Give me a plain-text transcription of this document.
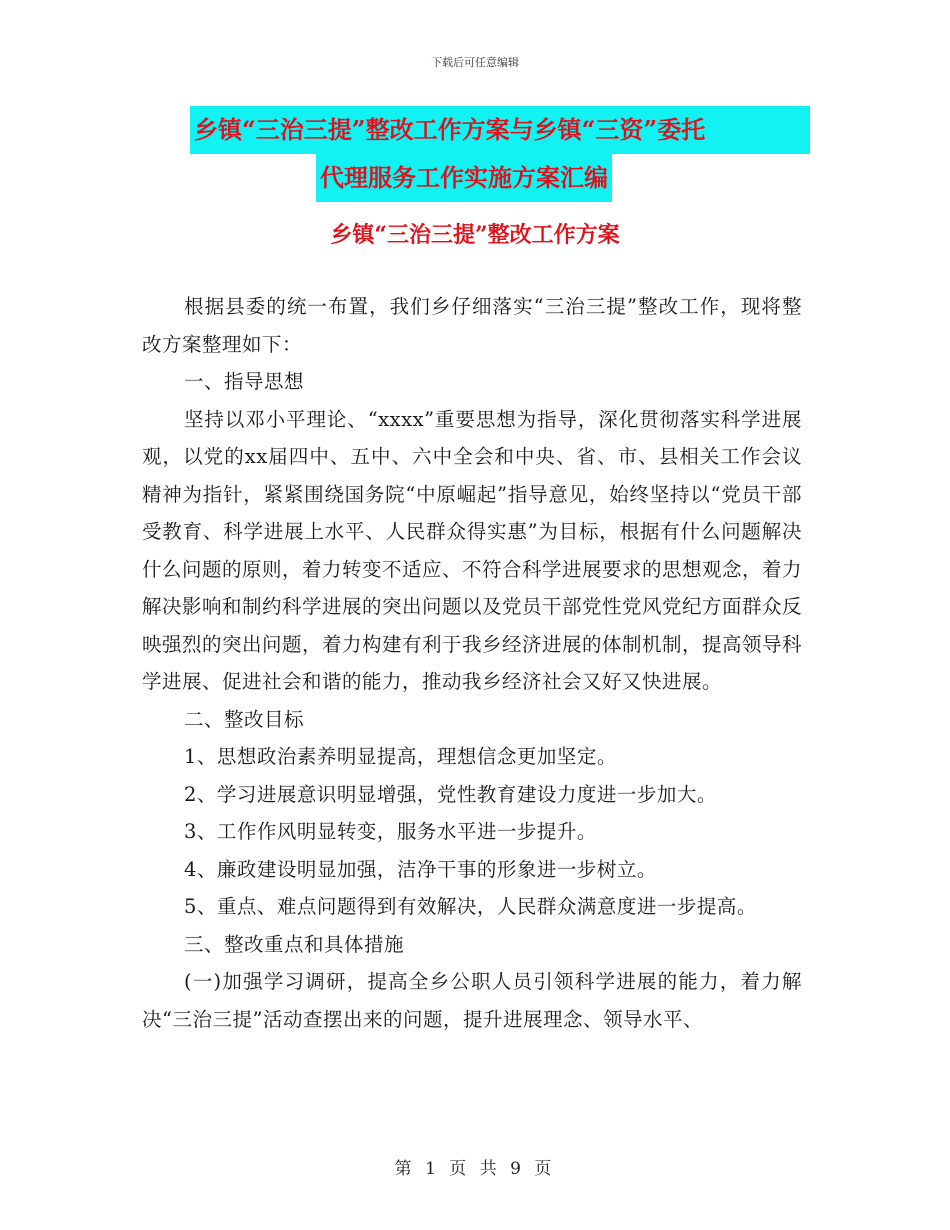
下载后可任意编辑
乡镇“三治三提”整改工作方案与乡镇“三资”委托
代理服务工作实施方案汇编
乡镇“三治三提”整改工作方案

根据县委的统一布置，我们乡仔细落实“三治三提”整改工作，现将整改方案整理如下：

一、指导思想

坚持以邓小平理论、“xxxx”重要思想为指导，深化贯彻落实科学进展观，以党的xx届四中、五中、六中全会和中央、省、市、县相关工作会议精神为指针，紧紧围绕国务院“中原崛起”指导意见，始终坚持以“党员干部受教育、科学进展上水平、人民群众得实惠”为目标，根据有什么问题解决什么问题的原则，着力转变不适应、不符合科学进展要求的思想观念，着力解决影响和制约科学进展的突出问题以及党员干部党性党风党纪方面群众反映强烈的突出问题，着力构建有利于我乡经济进展的体制机制，提高领导科学进展、促进社会和谐的能力，推动我乡经济社会又好又快进展。

二、整改目标

1、思想政治素养明显提高，理想信念更加坚定。

2、学习进展意识明显增强，党性教育建设力度进一步加大。

3、工作作风明显转变，服务水平进一步提升。

4、廉政建设明显加强，洁净干事的形象进一步树立。

5、重点、难点问题得到有效解决，人民群众满意度进一步提高。

三、整改重点和具体措施

(一)加强学习调研，提高全乡公职人员引领科学进展的能力，着力解决“三治三提”活动查摆出来的问题，提升进展理念、领导水平、

第 1 页 共 9 页
